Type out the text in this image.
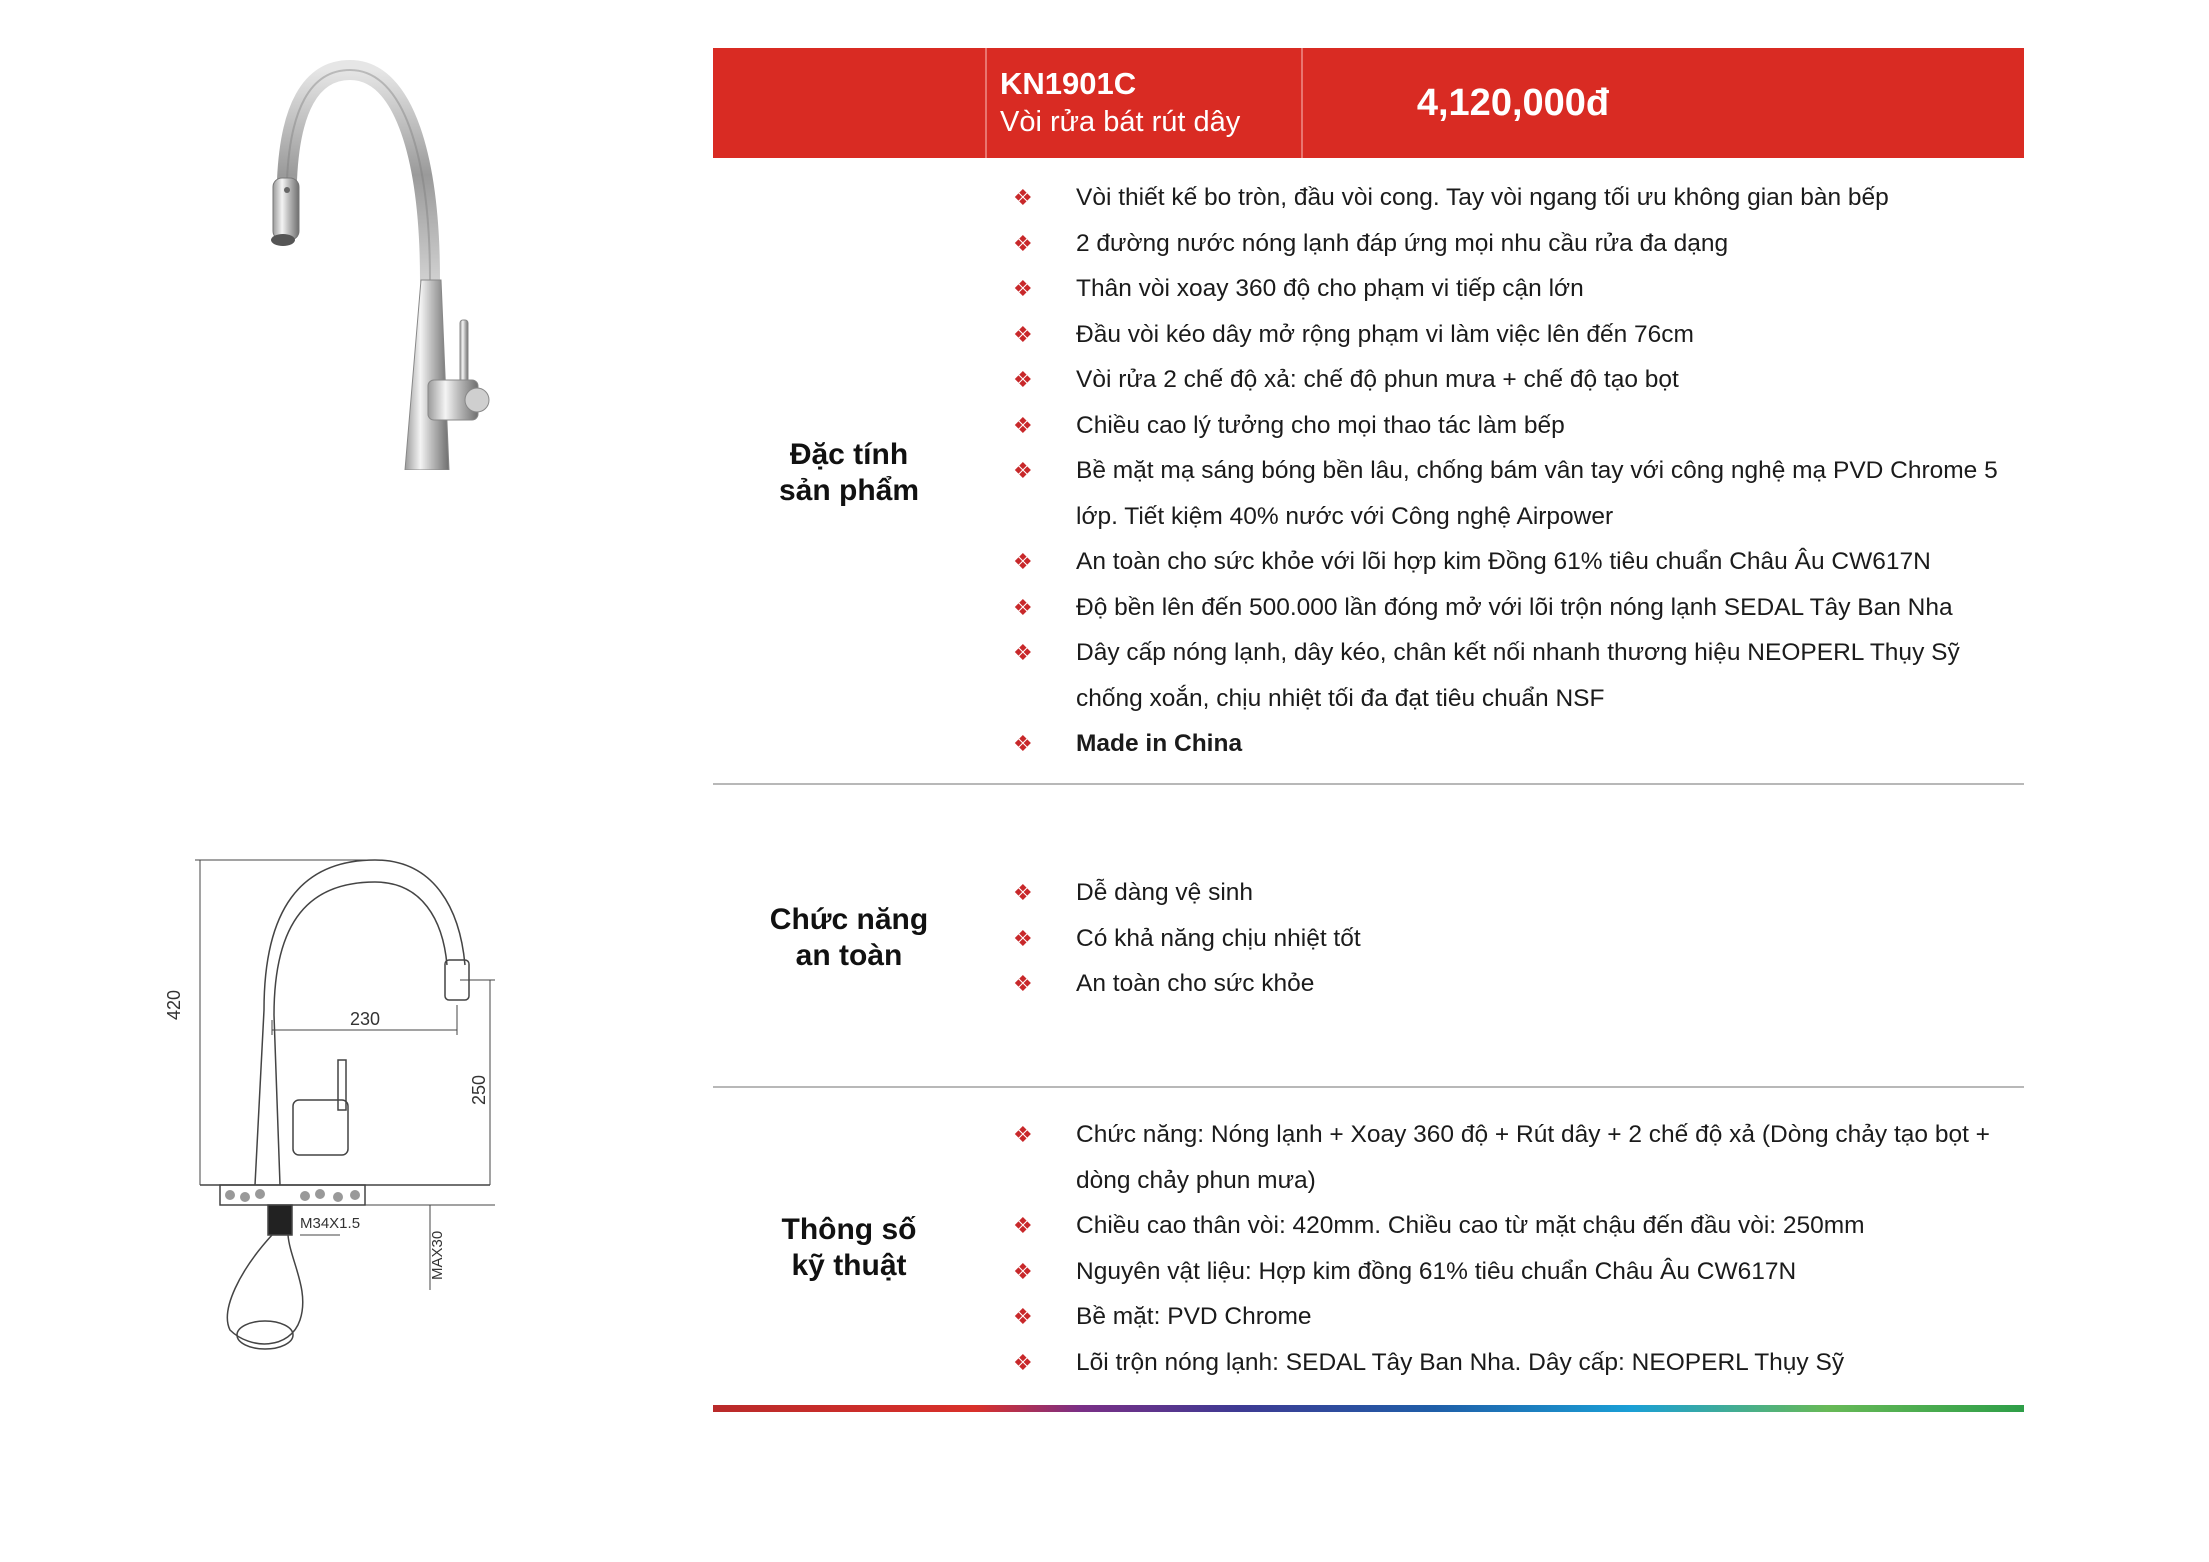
KN1901C
Vòi rửa bát rút dây	4,120,000đ
Đặc tính
sản phẩm
❖ Vòi thiết kế bo tròn, đầu vòi cong. Tay vòi ngang tối ưu không gian bàn bếp
❖ 2 đường nước nóng lạnh đáp ứng mọi nhu cầu rửa đa dạng
❖ Thân vòi xoay 360 độ cho phạm vi tiếp cận lớn
❖ Đầu vòi kéo dây mở rộng phạm vi làm việc lên đến 76cm
❖ Vòi rửa 2 chế độ xả: chế độ phun mưa + chế độ tạo bọt
❖ Chiều cao lý tưởng cho mọi thao tác làm bếp
❖ Bề mặt mạ sáng bóng bền lâu, chống bám vân tay với công nghệ mạ PVD Chrome 5 lớp. Tiết kiệm 40% nước với Công nghệ Airpower
❖ An toàn cho sức khỏe với lõi hợp kim Đồng 61% tiêu chuẩn Châu Âu CW617N
❖ Độ bền lên đến 500.000 lần đóng mở với lõi trộn nóng lạnh SEDAL Tây Ban Nha
❖ Dây cấp nóng lạnh, dây kéo, chân kết nối nhanh thương hiệu NEOPERL Thụy Sỹ chống xoắn, chịu nhiệt tối đa đạt tiêu chuẩn NSF
❖ Made in China
Chức năng
an toàn
❖ Dễ dàng vệ sinh
❖ Có khả năng chịu nhiệt tốt
❖ An toàn cho sức khỏe
Thông số
kỹ thuật
❖ Chức năng: Nóng lạnh + Xoay 360 độ + Rút dây + 2 chế độ xả (Dòng chảy tạo bọt + dòng chảy phun mưa)
❖ Chiều cao thân vòi: 420mm. Chiều cao từ mặt chậu đến đầu vòi: 250mm
❖ Nguyên vật liệu: Hợp kim đồng 61% tiêu chuẩn Châu Âu CW617N
❖ Bề mặt: PVD Chrome
❖ Lõi trộn nóng lạnh: SEDAL Tây Ban Nha. Dây cấp: NEOPERL Thụy Sỹ
420	230
250
M34X1.5
MAX30
